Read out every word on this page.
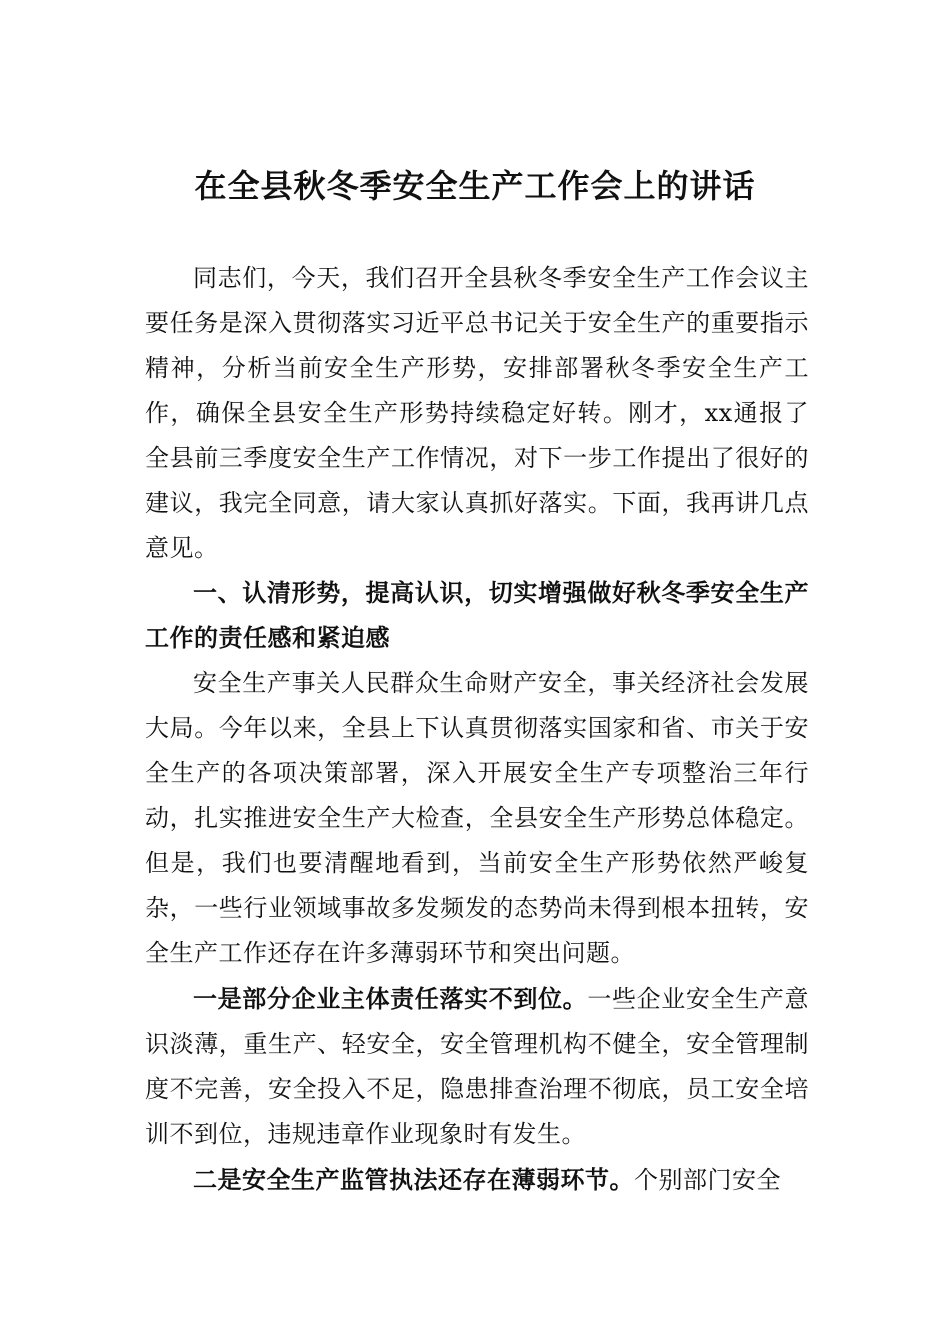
在全县秋冬季安全生产工作会上的讲话

同志们，今天，我们召开全县秋冬季安全生产工作会议主要任务是深入贯彻落实习近平总书记关于安全生产的重要指示精神，分析当前安全生产形势，安排部署秋冬季安全生产工作，确保全县安全生产形势持续稳定好转。刚才，xx通报了全县前三季度安全生产工作情况，对下一步工作提出了很好的建议，我完全同意，请大家认真抓好落实。下面，我再讲几点意见。

一、认清形势，提高认识，切实增强做好秋冬季安全生产工作的责任感和紧迫感

安全生产事关人民群众生命财产安全，事关经济社会发展大局。今年以来，全县上下认真贯彻落实国家和省、市关于安全生产的各项决策部署，深入开展安全生产专项整治三年行动，扎实推进安全生产大检查，全县安全生产形势总体稳定。但是，我们也要清醒地看到，当前安全生产形势依然严峻复杂，一些行业领域事故多发频发的态势尚未得到根本扭转，安全生产工作还存在许多薄弱环节和突出问题。

一是部分企业主体责任落实不到位。一些企业安全生产意识淡薄，重生产、轻安全，安全管理机构不健全，安全管理制度不完善，安全投入不足，隐患排查治理不彻底，员工安全培训不到位，违规违章作业现象时有发生。

二是安全生产监管执法还存在薄弱环节。个别部门安全
